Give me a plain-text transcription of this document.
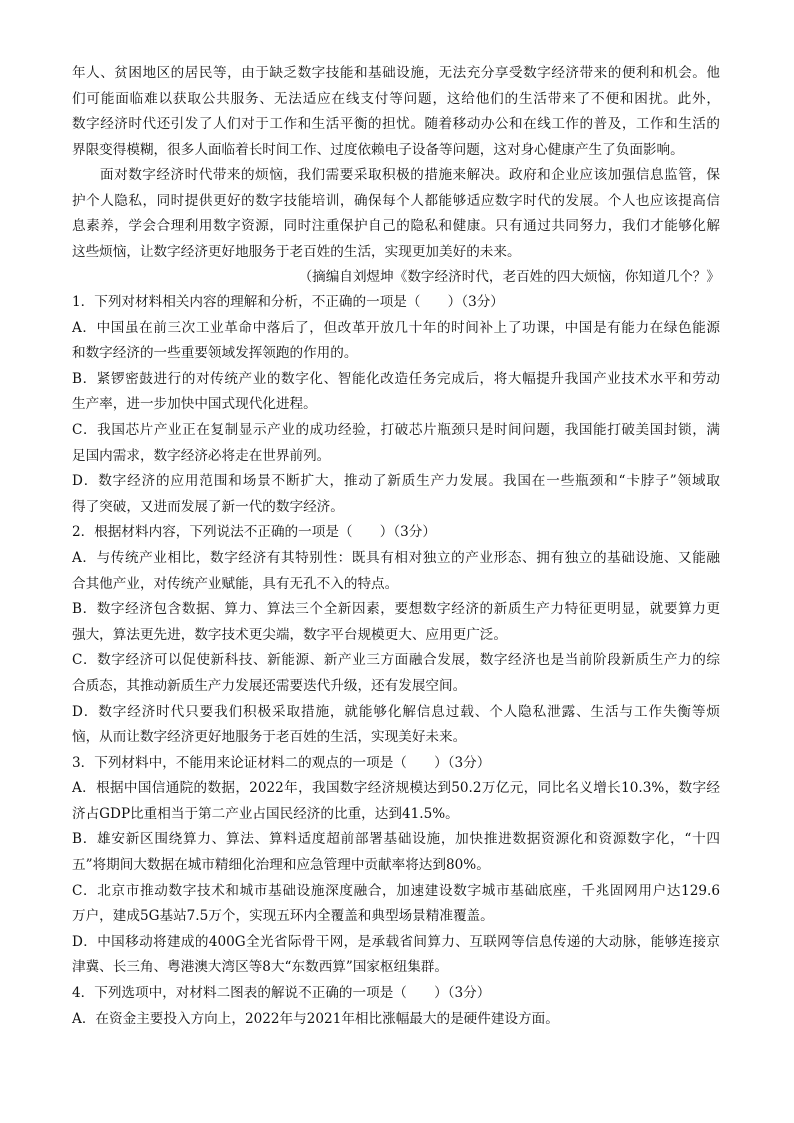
年人、贫困地区的居民等，由于缺乏数字技能和基础设施，无法充分享受数字经济带来的便利和机会。他
们可能面临难以获取公共服务、无法适应在线支付等问题，这给他们的生活带来了不便和困扰。此外，
数字经济时代还引发了人们对于工作和生活平衡的担忧。随着移动办公和在线工作的普及，工作和生活的
界限变得模糊，很多人面临着长时间工作、过度依赖电子设备等问题，这对身心健康产生了负面影响。
面对数字经济时代带来的烦恼，我们需要采取积极的措施来解决。政府和企业应该加强信息监管，保
护个人隐私，同时提供更好的数字技能培训，确保每个人都能够适应数字时代的发展。个人也应该提高信
息素养，学会合理利用数字资源，同时注重保护自己的隐私和健康。只有通过共同努力，我们才能够化解
这些烦恼，让数字经济更好地服务于老百姓的生活，实现更加美好的未来。
（摘编自刘煜坤《数字经济时代，老百姓的四大烦恼，你知道几个？》
1．下列对材料相关内容的理解和分析，不正确的一项是（　　）（3分）
A．中国虽在前三次工业革命中落后了，但改革开放几十年的时间补上了功课，中国是有能力在绿色能源
和数字经济的一些重要领域发挥领跑的作用的。
B．紧锣密鼓进行的对传统产业的数字化、智能化改造任务完成后，将大幅提升我国产业技术水平和劳动
生产率，进一步加快中国式现代化进程。
C．我国芯片产业正在复制显示产业的成功经验，打破芯片瓶颈只是时间问题，我国能打破美国封锁，满
足国内需求，数字经济必将走在世界前列。
D．数字经济的应用范围和场景不断扩大，推动了新质生产力发展。我国在一些瓶颈和“卡脖子”领域取
得了突破，又进而发展了新一代的数字经济。
2．根据材料内容，下列说法不正确的一项是（　　）（3分）
A．与传统产业相比，数字经济有其特别性：既具有相对独立的产业形态、拥有独立的基础设施、又能融
合其他产业，对传统产业赋能，具有无孔不入的特点。
B．数字经济包含数据、算力、算法三个全新因素，要想数字经济的新质生产力特征更明显，就要算力更
强大，算法更先进，数字技术更尖端，数字平台规模更大、应用更广泛。
C．数字经济可以促使新科技、新能源、新产业三方面融合发展，数字经济也是当前阶段新质生产力的综
合质态，其推动新质生产力发展还需要迭代升级，还有发展空间。
D．数字经济时代只要我们积极采取措施，就能够化解信息过载、个人隐私泄露、生活与工作失衡等烦
恼，从而让数字经济更好地服务于老百姓的生活，实现美好未来。
3．下列材料中，不能用来论证材料二的观点的一项是（　　）（3分）
A．根据中国信通院的数据，2022年，我国数字经济规模达到50.2万亿元，同比名义增长10.3%，数字经
济占GDP比重相当于第二产业占国民经济的比重，达到41.5%。
B．雄安新区围绕算力、算法、算料适度超前部署基础设施，加快推进数据资源化和资源数字化，“十四
五”将期间大数据在城市精细化治理和应急管理中贡献率将达到80%。
C．北京市推动数字技术和城市基础设施深度融合，加速建设数字城市基础底座，千兆固网用户达129.6
万户，建成5G基站7.5万个，实现五环内全覆盖和典型场景精准覆盖。
D．中国移动将建成的400G全光省际骨干网，是承载省间算力、互联网等信息传递的大动脉，能够连接京
津冀、长三角、粤港澳大湾区等8大“东数西算”国家枢纽集群。
4．下列选项中，对材料二图表的解说不正确的一项是（　　）（3分）
A．在资金主要投入方向上，2022年与2021年相比涨幅最大的是硬件建设方面。
